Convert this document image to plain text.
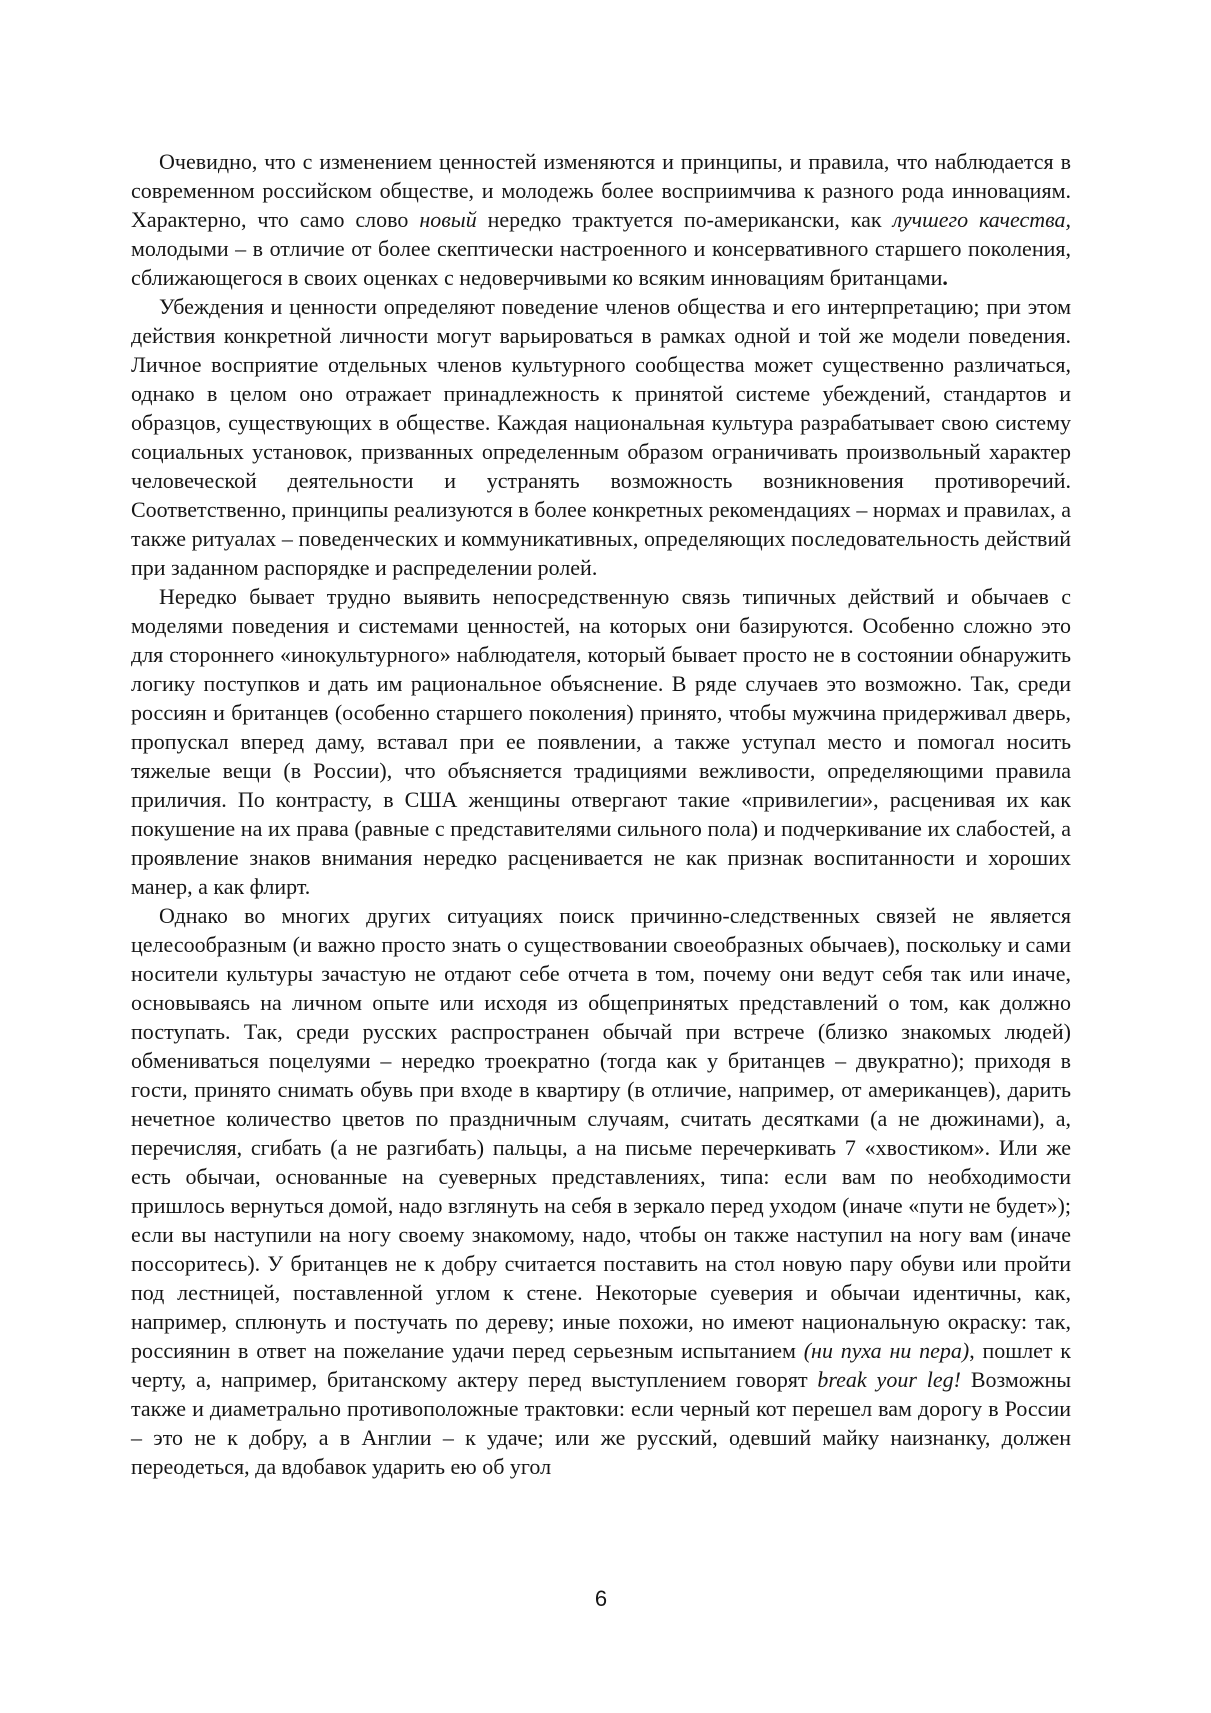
Очевидно, что с изменением ценностей изменяются и принципы, и правила, что наблюдается в современном российском обществе, и молодежь более восприимчива к разного рода инновациям. Характерно, что само слово новый нередко трактуется по-американски, как лучшего качества, молодыми – в отличие от более скептически настроенного и консервативного старшего поколения, сближающегося в своих оценках с недоверчивыми ко всяким инновациям британцами.

Убеждения и ценности определяют поведение членов общества и его интерпретацию; при этом действия конкретной личности могут варьироваться в рамках одной и той же модели поведения. Личное восприятие отдельных членов культурного сообщества может существенно различаться, однако в целом оно отражает принадлежность к принятой системе убеждений, стандартов и образцов, существующих в обществе. Каждая национальная культура разрабатывает свою систему социальных установок, призванных определенным образом ограничивать произвольный характер человеческой деятельности и устранять возможность возникновения противоречий. Соответственно, принципы реализуются в более конкретных рекомендациях – нормах и правилах, а также ритуалах – поведенческих и коммуникативных, определяющих последовательность действий при заданном распорядке и распределении ролей.

Нередко бывает трудно выявить непосредственную связь типичных действий и обычаев с моделями поведения и системами ценностей, на которых они базируются. Особенно сложно это для стороннего «инокультурного» наблюдателя, который бывает просто не в состоянии обнаружить логику поступков и дать им рациональное объяснение. В ряде случаев это возможно. Так, среди россиян и британцев (особенно старшего поколения) принято, чтобы мужчина придерживал дверь, пропускал вперед даму, вставал при ее появлении, а также уступал место и помогал носить тяжелые вещи (в России), что объясняется традициями вежливости, определяющими правила приличия. По контрасту, в США женщины отвергают такие «привилегии», расценивая их как покушение на их права (равные с представителями сильного пола) и подчеркивание их слабостей, а проявление знаков внимания нередко расценивается не как признак воспитанности и хороших манер, а как флирт.

Однако во многих других ситуациях поиск причинно-следственных связей не является целесообразным (и важно просто знать о существовании своеобразных обычаев), поскольку и сами носители культуры зачастую не отдают себе отчета в том, почему они ведут себя так или иначе, основываясь на личном опыте или исходя из общепринятых представлений о том, как должно поступать. Так, среди русских распространен обычай при встрече (близко знакомых людей) обмениваться поцелуями – нередко троекратно (тогда как у британцев – двукратно); приходя в гости, принято снимать обувь при входе в квартиру (в отличие, например, от американцев), дарить нечетное количество цветов по праздничным случаям, считать десятками (а не дюжинами), а, перечисляя, сгибать (а не разгибать) пальцы, а на письме перечеркивать 7 «хвостиком». Или же есть обычаи, основанные на суеверных представлениях, типа: если вам по необходимости пришлось вернуться домой, надо взглянуть на себя в зеркало перед уходом (иначе «пути не будет»); если вы наступили на ногу своему знакомому, надо, чтобы он также наступил на ногу вам (иначе поссоритесь). У британцев не к добру считается поставить на стол новую пару обуви или пройти под лестницей, поставленной углом к стене. Некоторые суеверия и обычаи идентичны, как, например, сплюнуть и постучать по дереву; иные похожи, но имеют национальную окраску: так, россиянин в ответ на пожелание удачи перед серьезным испытанием (ни пуха ни пера), пошлет к черту, а, например, британскому актеру перед выступлением говорят break your leg! Возможны также и диаметрально противоположные трактовки: если черный кот перешел вам дорогу в России – это не к добру, а в Англии – к удаче; или же русский, одевший майку наизнанку, должен переодеться, да вдобавок ударить ею об угол

6
